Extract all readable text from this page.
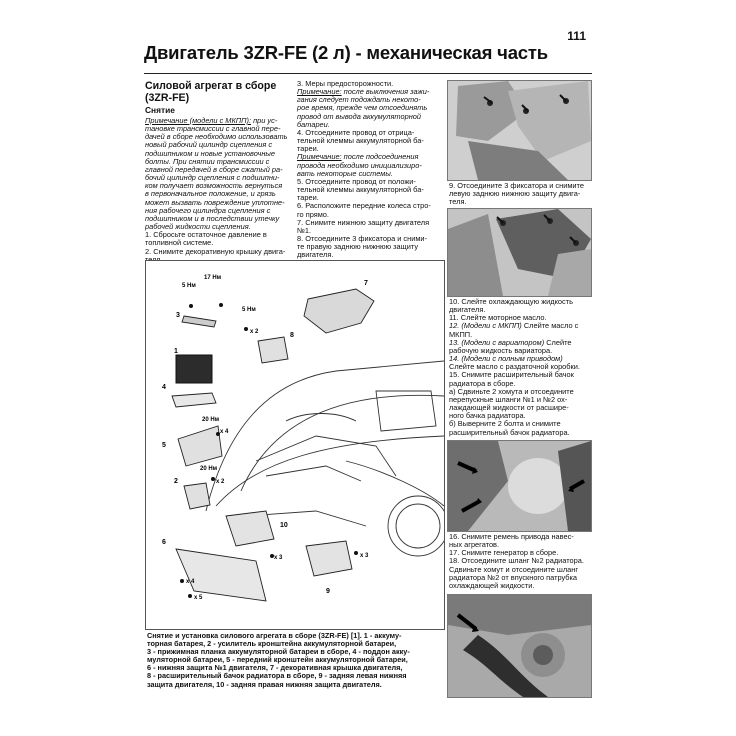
111
Двигатель 3ZR-FE (2 л) - механическая часть
Силовой агрегат в сборе
(3ZR-FE)
Снятие

Примечание (модели с МКПП): при ус-

тановке трансмиссии с главной пере-

дачей в сборе необходимо использовать

новый рабочий цилиндр сцепления с

подшипником и новые установочные

болты. При снятии трансмиссии с

главной передачей в сборе сжатый ра-

бочий цилиндр сцепления с подшипни-

ком получает возможность вернуться

в первоначальное положение, и грязь

может вызвать повреждение уплотне-

ния рабочего цилиндра сцепления с

подшипником и в последствии утечку

рабочей жидкости сцепления.

1. Сбросьте остаточное давление в

топливной системе.

2. Снимите декоративную крышку двига-

3. Меры предосторожности.

Примечание: после выключения зажи-

гания следует подождать некото-

рое время, прежде чем отсоединять

провод от вывода аккумуляторной

батареи.

4. Отсоедините провод от отрица-

тельной клеммы аккумуляторной ба-

тареи.

Примечание: после подсоединения

провода необходимо инициализиро-

вать некоторые системы.

5. Отсоедините провод от положи-

тельной клеммы аккумуляторной ба-

тареи.

6. Расположите передние колеса стро-

го прямо.

7. Снимите нижнюю защиту двигателя

№1.

8. Отсоедините 3 фиксатора и сними-

те правую заднюю нижнюю защиту

двигателя.

9. Отсоедините 3 фиксатора и снимите

левую заднюю нижнюю защиту двига-

теля.

10. Слейте охлаждающую жидкость

двигателя.

11. Слейте моторное масло.

12. (Модели с МКПП) Слейте масло с

МКПП.

13. (Модели с вариатором) Слейте

рабочую жидкость вариатора.

14. (Модели с полным приводом)

Слейте масло с раздаточной коробки.

15. Снимите расширительный бачок

радиатора в сборе.

a) Сдвиньте 2 хомута и отсоедините

перепускные шланги №1 и №2 ох-

лаждающей жидкости от расшире-

ного бачка радиатора.

б) Выверните 2 болта и снимите

расширительный бачок радиатора.

16. Снимите ремень привода навес-

ных агрегатов.

17. Снимите генератор в сборе.

18. Отсоедините шланг №2 радиатора.

Сдвиньте хомут и отсоедините шланг

радиатора №2 от впускного патрубка

охлаждающей жидкости.

1
2
3
4
5
6
7
8
9
10
5 Нм
17 Нм
5 Нм
20 Нм
20 Нм
x 2
x 4
x 2
x 3	x 3
x 4
x 5

Снятие и установка силового агрегата в сборе (3ZR-FE) [1]. 1 - аккуму-

торная батарея, 2 - усилитель кронштейна аккумуляторной батареи,

3 - прижимная планка аккумуляторной батареи в сборе, 4 - поддон акку-

муляторной батареи, 5 - передний кронштейн аккумуляторной батареи,

6 - нижняя защита №1 двигателя, 7 - декоративная крышка двигателя,

8 - расширительный бачок радиатора в сборе, 9 - задняя левая нижняя

защита двигателя, 10 - задняя правая нижняя защита двигателя.
